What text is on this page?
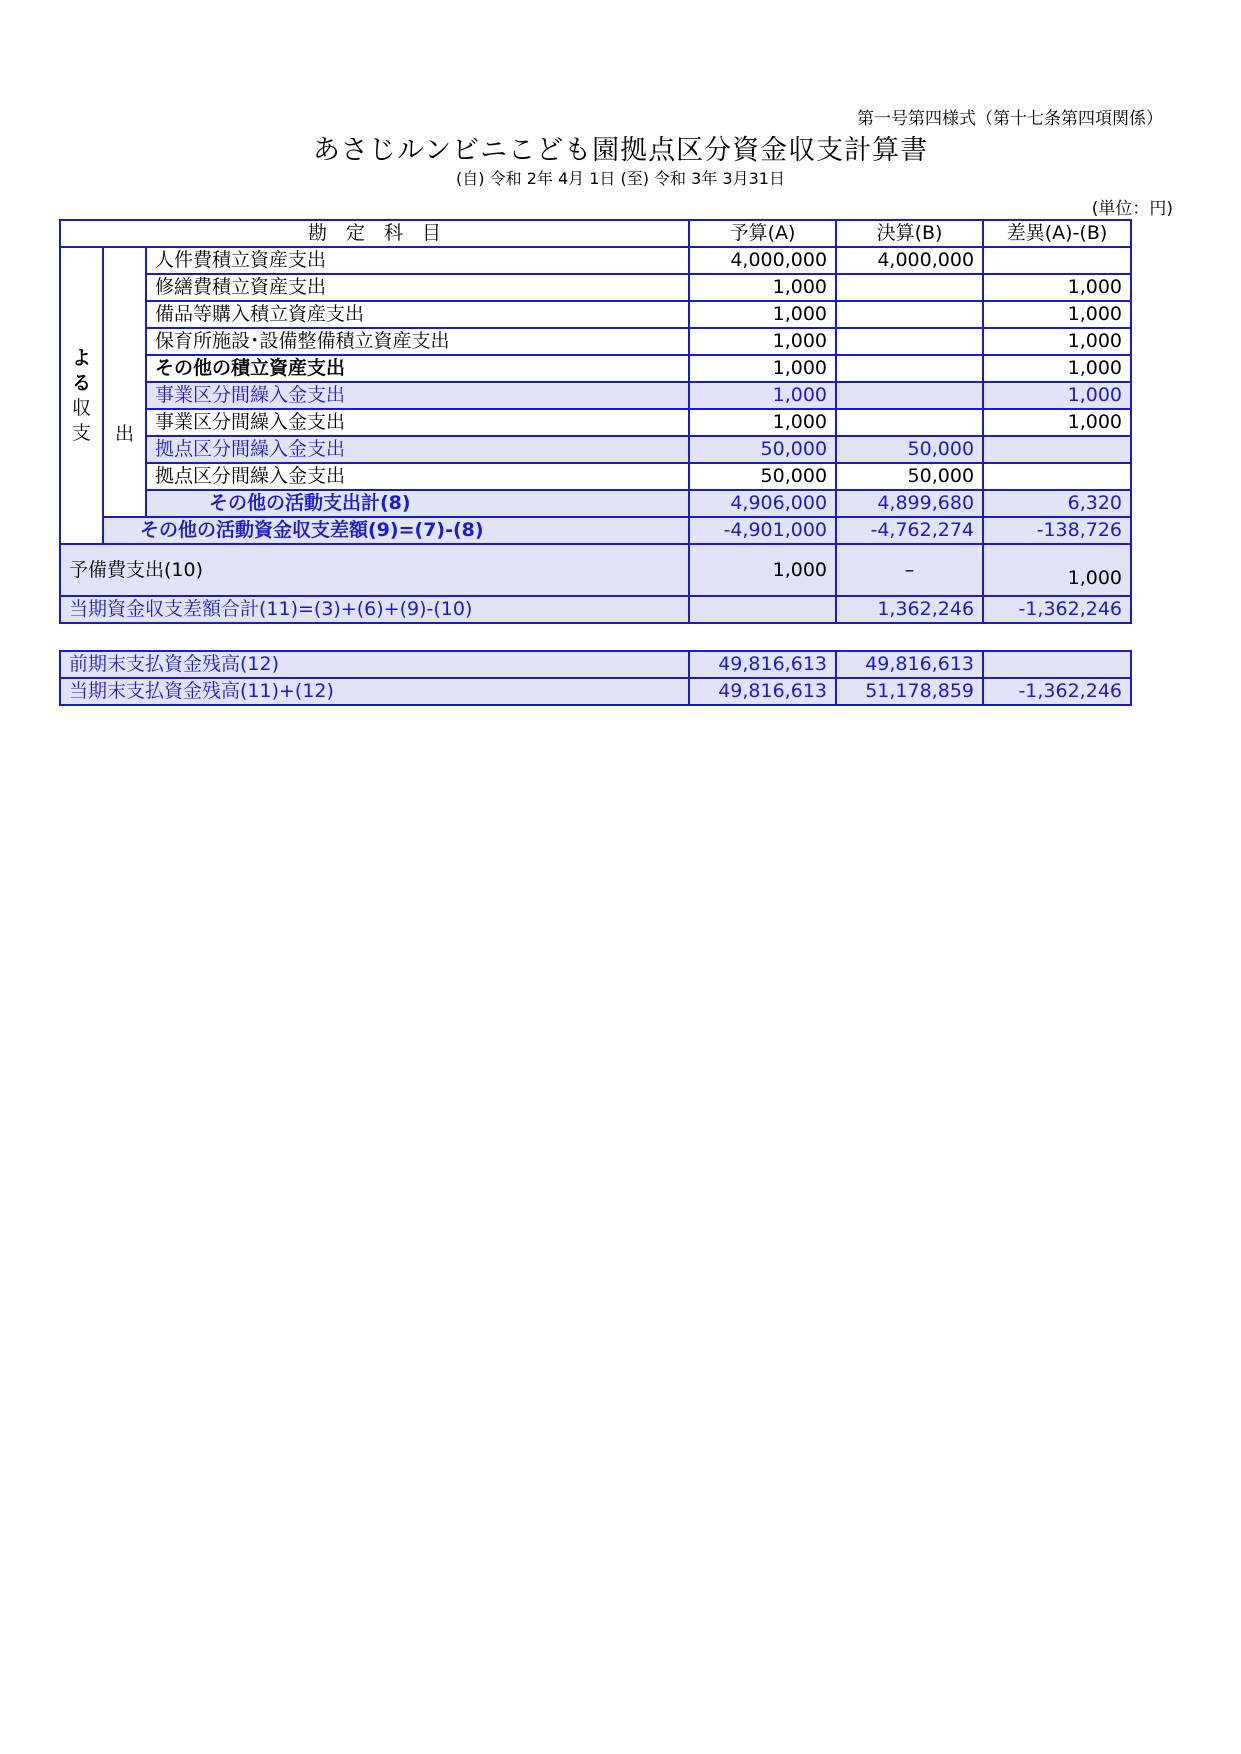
第一号第四様式（第十七条第四項関係）
あさじルンビニこども園拠点区分資金収支計算書
(自) 令和 2年 4月 1日 (至) 令和 3年 3月31日
(単位：円)
勘　定　科　目			予算(A)	決算(B)	差異(A)-(B)

よ
る
収
支	出	人件費積立資産支出	4,000,000	4,000,000	
		修繕費積立資産支出	1,000		1,000
		備品等購入積立資産支出	1,000		1,000
		保育所施設･設備整備積立資産支出	1,000		1,000
		その他の積立資産支出	1,000		1,000
		事業区分間繰入金支出	1,000		1,000
		事業区分間繰入金支出	1,000		1,000
		拠点区分間繰入金支出	50,000	50,000	
		拠点区分間繰入金支出	50,000	50,000	
		その他の活動支出計(8)	4,906,000	4,899,680	6,320
	その他の活動資金収支差額(9)=(7)-(8)		-4,901,000	-4,762,274	-138,726
予備費支出(10)			1,000	–	1,000
当期資金収支差額合計(11)=(3)+(6)+(9)-(10)				1,362,246	-1,362,246
前期末支払資金残高(12)	49,816,613	49,816,613	
当期末支払資金残高(11)+(12)	49,816,613	51,178,859	-1,362,246
